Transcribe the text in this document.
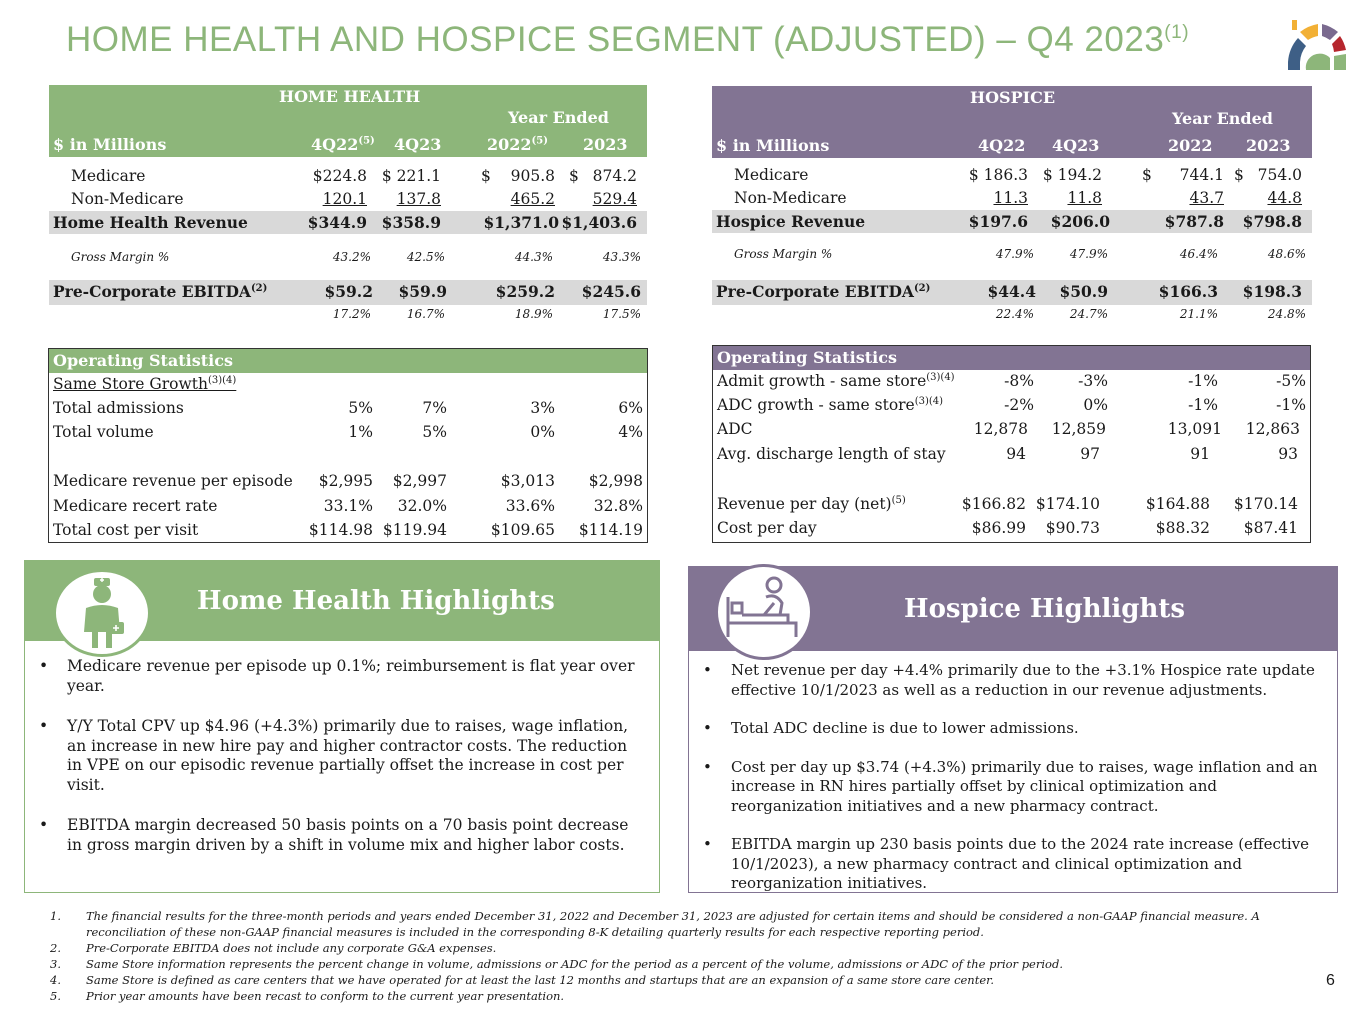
HOME HEALTH AND HOSPICE SEGMENT (ADJUSTED) – Q4 2023$^{(1)}$
HOME HEALTH
Year Ended
$ in Millions	4Q22$^{(5)}$ 4Q23	2022$^{(5)}$ 2023
Medicare	$224.8 $ 221.1	$ 905.8 $ 874.2
Non-Medicare	120.1 137.8	465.2 529.4
Home Health Revenue	$344.9 $358.9	$1,371.0 $1,403.6
Gross Margin %	43.2%	42.5%	44.3%	43.3%
Pre-Corporate EBITDA$^{(2)}$	$59.2 $59.9	$259.2 $245.6
17.2%	16.7%	18.9%	17.5%
Operating Statistics
Same Store Growth$^{(3)(4)}$
Total admissions	5%	7%	3%	6%
Total volume	1%	5%	0%	4%
Medicare revenue per episode $2,995 $2,997	$3,013 $2,998
Medicare recert rate	33.1% 32.0%	33.6%	32.8%
Total cost per visit	$114.98 $119.94	$109.65 $114.19
HOSPICE
Year Ended
$ in Millions	4Q22 4Q23	2022 2023
Medicare	$ 186.3 $ 194.2	$ 744.1 $ 754.0
Non-Medicare	11.3	11.8	43.7	44.8
Hospice Revenue	$197.6 $206.0	$787.8 $798.8
Gross Margin %	47.9%	47.9%	46.4%	48.6%
Pre-Corporate EBITDA$^{(2)}$	$44.4 $50.9	$166.3 $198.3
22.4%	24.7%	21.1%	24.8%
Operating Statistics
Admit growth - same store$^{(3)(4)}$	-8%	-3%	-1%	-5%
ADC growth - same store$^{(3)(4)}$	-2%	0%	-1%	-1%
ADC	12,878 12,859	13,091 12,863
Avg. discharge length of stay	94	97	91	93
Revenue per day (net)$^{(5)}$	$166.82 $174.10	$164.88 $170.14
Cost per day	$86.99 $90.73	$88.32 $87.41
Home Health Highlights
• Medicare revenue per episode up 0.1%; reimbursement is flat year over year.
• Y/Y Total CPV up $4.96 (+4.3%) primarily due to raises, wage inflation, an increase in new hire pay and higher contractor costs. The reduction in VPE on our episodic revenue partially offset the increase in cost per visit.
• EBITDA margin decreased 50 basis points on a 70 basis point decrease in gross margin driven by a shift in volume mix and higher labor costs.
Hospice Highlights
• Net revenue per day +4.4% primarily due to the +3.1% Hospice rate update effective 10/1/2023 as well as a reduction in our revenue adjustments.
• Total ADC decline is due to lower admissions.
• Cost per day up $3.74 (+4.3%) primarily due to raises, wage inflation and an increase in RN hires partially offset by clinical optimization and reorganization initiatives and a new pharmacy contract.
• EBITDA margin up 230 basis points due to the 2024 rate increase (effective 10/1/2023), a new pharmacy contract and clinical optimization and reorganization initiatives.
1.	The financial results for the three-month periods and years ended December 31, 2022 and December 31, 2023 are adjusted for certain items and should be considered a non-GAAP financial measure. A reconciliation of these non-GAAP financial measures is included in the corresponding 8-K detailing quarterly results for each respective reporting period.
2.	Pre-Corporate EBITDA does not include any corporate G&A expenses.
3.	Same Store information represents the percent change in volume, admissions or ADC for the period as a percent of the volume, admissions or ADC of the prior period.
4.	Same Store is defined as care centers that we have operated for at least the last 12 months and startups that are an expansion of a same store care center.
5.	Prior year amounts have been recast to conform to the current year presentation.
6
